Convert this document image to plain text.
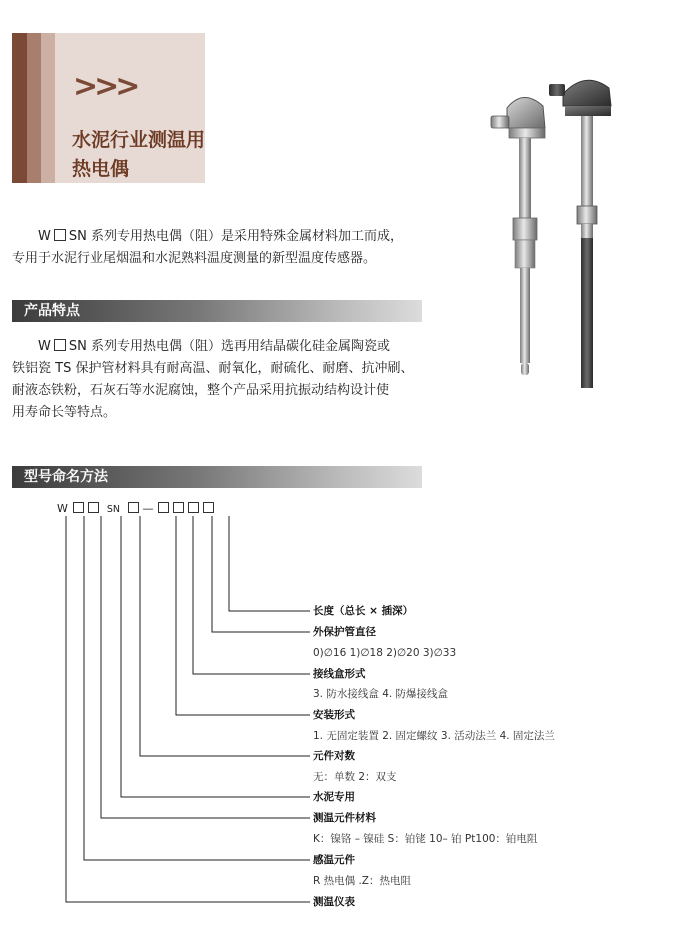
>>>
水泥行业测温用
热电偶
W SN 系列专用热电偶（阻）是采用特殊金属材料加工而成，
专用于水泥行业尾烟温和水泥熟料温度测量的新型温度传感器。
产品特点
W SN 系列专用热电偶（阻）选再用结晶碳化硅金属陶瓷或
铁铝瓷 TS 保护管材料具有耐高温、耐氧化，耐硫化、耐磨、抗冲刷、
耐液态铁粉，石灰石等水泥腐蚀，整个产品采用抗振动结构设计使
用寿命长等特点。
型号命名方法
W	SN —
长度（总长 × 插深）
外保护管直径
0)∅16 1)∅18 2)∅20 3)∅33
接线盒形式
3. 防水接线盒 4. 防爆接线盒
安装形式
1. 无固定装置 2. 固定螺纹 3. 活动法兰 4. 固定法兰
元件对数
无：单数 2：双支
水泥专用
测温元件材料
K：镍铬 – 镍硅 S：铂铑 10– 铂 Pt100：铂电阻
感温元件
R 热电偶 .Z：热电阻
测温仪表
